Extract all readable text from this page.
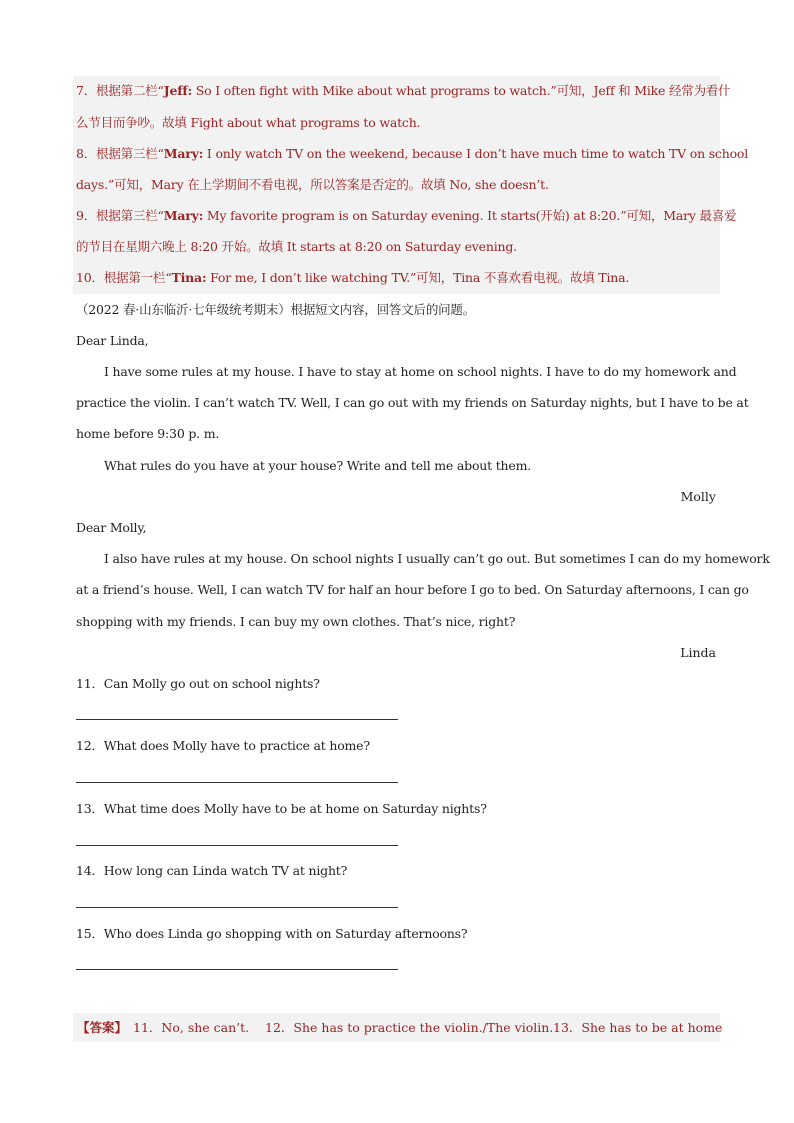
7．根据第二栏“Jeff: So I often fight with Mike about what programs to watch.”可知，Jeff 和 Mike 经常为看什
么节目而争吵。故填 Fight about what programs to watch.
8．根据第三栏“Mary: I only watch TV on the weekend, because I don’t have much time to watch TV on school
days.”可知，Mary 在上学期间不看电视，所以答案是否定的。故填 No, she doesn’t.
9．根据第三栏“Mary: My favorite program is on Saturday evening. It starts(开始) at 8:20.”可知，Mary 最喜爱
的节目在星期六晚上 8:20 开始。故填 It starts at 8:20 on Saturday evening.
10．根据第一栏“Tina: For me, I don’t like watching TV.”可知，Tina 不喜欢看电视。故填 Tina.
（2022 春·山东临沂·七年级统考期末）根据短文内容，回答文后的问题。
Dear Linda,
I have some rules at my house. I have to stay at home on school nights. I have to do my homework and
practice the violin. I can’t watch TV. Well, I can go out with my friends on Saturday nights, but I have to be at
home before 9:30 p. m.
What rules do you have at your house? Write and tell me about them.
Molly
Dear Molly,
I also have rules at my house. On school nights I usually can’t go out. But sometimes I can do my homework
at a friend’s house. Well, I can watch TV for half an hour before I go to bed. On Saturday afternoons, I can go
shopping with my friends. I can buy my own clothes. That’s nice, right?
Linda
11．Can Molly go out on school nights?
12．What does Molly have to practice at home?
13．What time does Molly have to be at home on Saturday nights?
14．How long can Linda watch TV at night?
15．Who does Linda go shopping with on Saturday afternoons?
【答案】 11．No, she can’t. 12．She has to practice the violin./The violin. 13．She has to be at home
